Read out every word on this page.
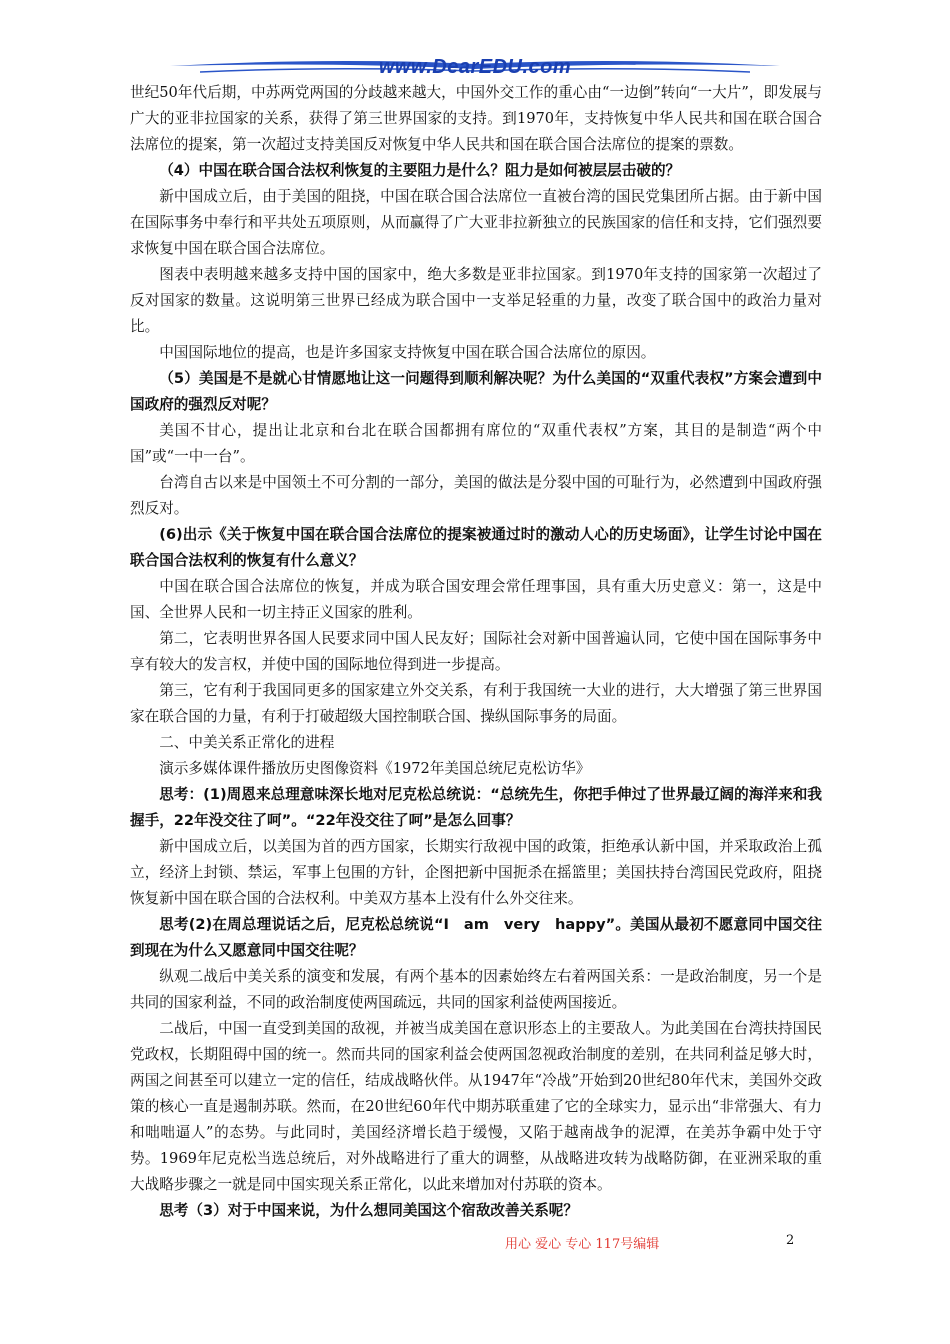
www.DearEDU.com

世纪50年代后期，中苏两党两国的分歧越来越大，中国外交工作的重心由“一边倒”转向“一大片”，即发展与广大的亚非拉国家的关系，获得了第三世界国家的支持。到1970年，支持恢复中华人民共和国在联合国合法席位的提案，第一次超过支持美国反对恢复中华人民共和国在联合国合法席位的提案的票数。

（4）中国在联合国合法权利恢复的主要阻力是什么？阻力是如何被层层击破的？

新中国成立后，由于美国的阻挠，中国在联合国合法席位一直被台湾的国民党集团所占据。由于新中国在国际事务中奉行和平共处五项原则，从而赢得了广大亚非拉新独立的民族国家的信任和支持，它们强烈要求恢复中国在联合国合法席位。

图表中表明越来越多支持中国的国家中，绝大多数是亚非拉国家。到1970年支持的国家第一次超过了反对国家的数量。这说明第三世界已经成为联合国中一支举足轻重的力量，改变了联合国中的政治力量对比。

中国国际地位的提高，也是许多国家支持恢复中国在联合国合法席位的原因。

（5）美国是不是就心甘情愿地让这一问题得到顺利解决呢？为什么美国的“双重代表权”方案会遭到中国政府的强烈反对呢？

美国不甘心，提出让北京和台北在联合国都拥有席位的“双重代表权”方案，其目的是制造“两个中国”或“一中一台”。

台湾自古以来是中国领土不可分割的一部分，美国的做法是分裂中国的可耻行为，必然遭到中国政府强烈反对。

(6)出示《关于恢复中国在联合国合法席位的提案被通过时的激动人心的历史场面》，让学生讨论中国在联合国合法权利的恢复有什么意义？

中国在联合国合法席位的恢复，并成为联合国安理会常任理事国，具有重大历史意义：第一，这是中国、全世界人民和一切主持正义国家的胜利。

第二，它表明世界各国人民要求同中国人民友好；国际社会对新中国普遍认同，它使中国在国际事务中享有较大的发言权，并使中国的国际地位得到进一步提高。

第三，它有利于我国同更多的国家建立外交关系，有利于我国统一大业的进行，大大增强了第三世界国家在联合国的力量，有利于打破超级大国控制联合国、操纵国际事务的局面。

二、中美关系正常化的进程

演示多媒体课件播放历史图像资料《1972年美国总统尼克松访华》

思考：(1)周恩来总理意味深长地对尼克松总统说：“总统先生，你把手伸过了世界最辽阔的海洋来和我握手，22年没交往了呵”。“22年没交往了呵”是怎么回事？

新中国成立后，以美国为首的西方国家，长期实行敌视中国的政策，拒绝承认新中国，并采取政治上孤立，经济上封锁、禁运，军事上包围的方针，企图把新中国扼杀在摇篮里；美国扶持台湾国民党政府，阻挠恢复新中国在联合国的合法权利。中美双方基本上没有什么外交往来。

思考(2)在周总理说话之后，尼克松总统说“I　am　very　happy”。美国从最初不愿意同中国交往到现在为什么又愿意同中国交往呢？

纵观二战后中美关系的演变和发展，有两个基本的因素始终左右着两国关系：一是政治制度，另一个是共同的国家利益，不同的政治制度使两国疏远，共同的国家利益使两国接近。

二战后，中国一直受到美国的敌视，并被当成美国在意识形态上的主要敌人。为此美国在台湾扶持国民党政权，长期阻碍中国的统一。然而共同的国家利益会使两国忽视政治制度的差别，在共同利益足够大时，两国之间甚至可以建立一定的信任，结成战略伙伴。从1947年“冷战”开始到20世纪80年代末，美国外交政策的核心一直是遏制苏联。然而，在20世纪60年代中期苏联重建了它的全球实力，显示出“非常强大、有力和咄咄逼人”的态势。与此同时，美国经济增长趋于缓慢，又陷于越南战争的泥潭，在美苏争霸中处于守势。1969年尼克松当选总统后，对外战略进行了重大的调整，从战略进攻转为战略防御，在亚洲采取的重大战略步骤之一就是同中国实现关系正常化，以此来增加对付苏联的资本。

思考（3）对于中国来说，为什么想同美国这个宿敌改善关系呢？

用心 爱心 专心 117号编辑	2
